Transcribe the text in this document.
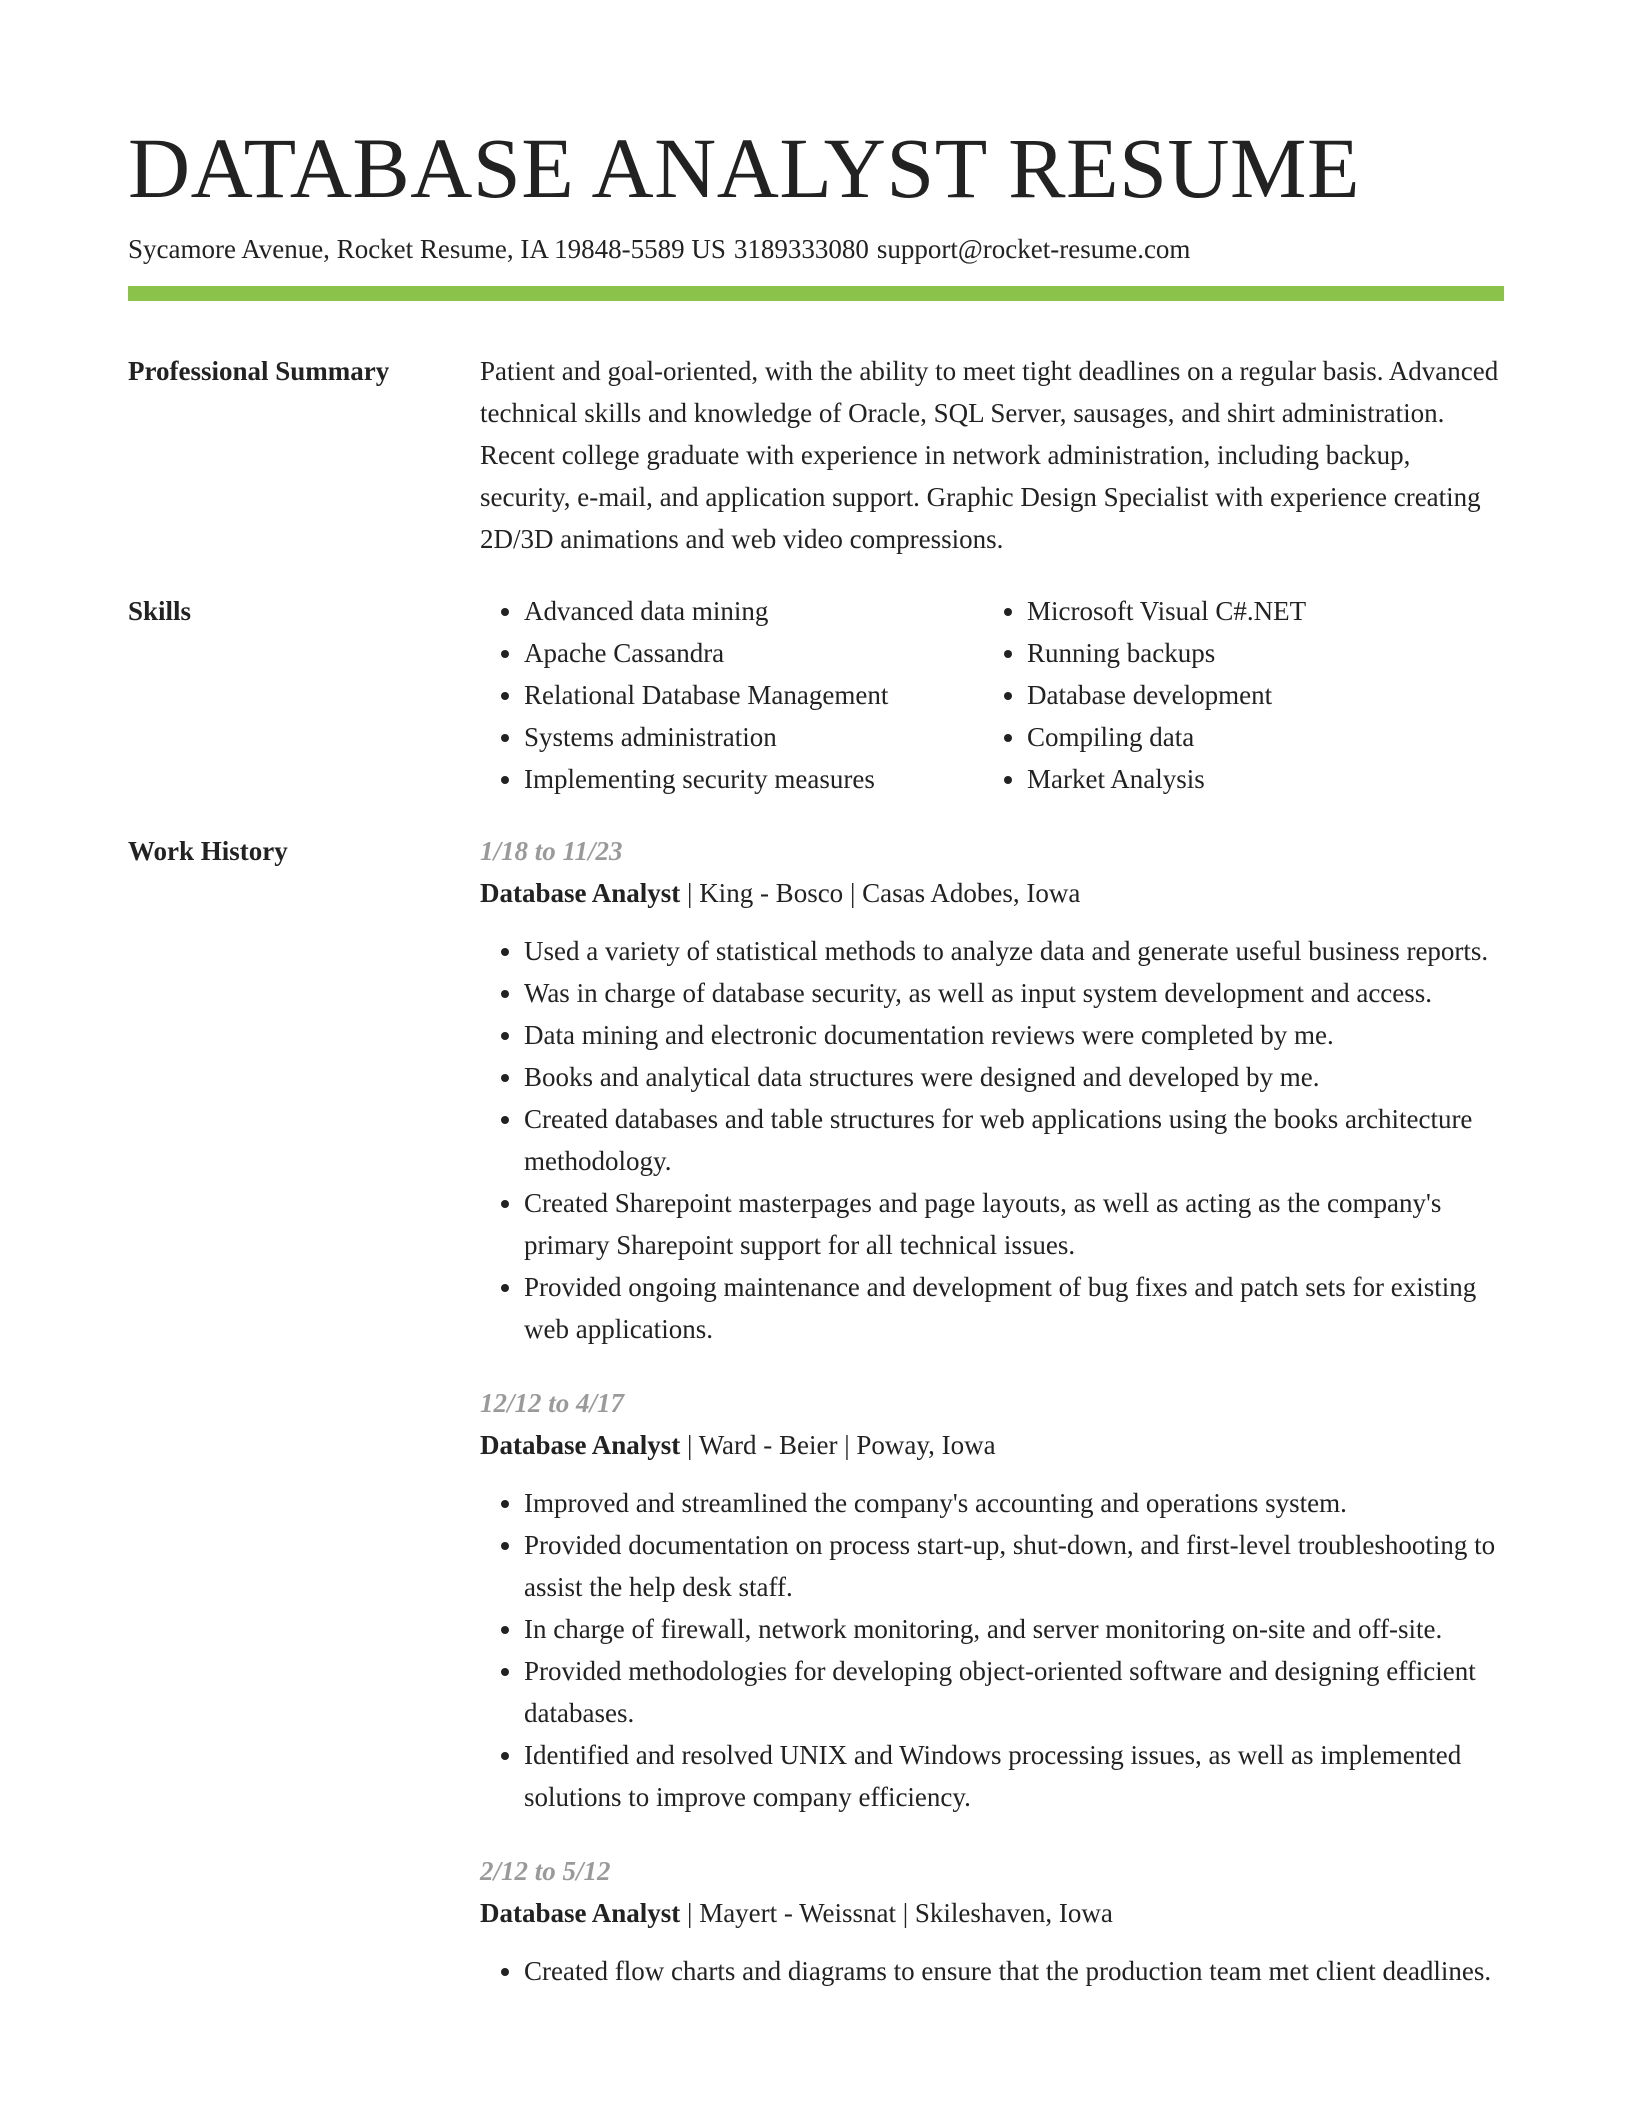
DATABASE ANALYST RESUME
Sycamore Avenue, Rocket Resume, IA 19848-5589 US 3189333080 support@rocket-resume.com
Professional Summary	Patient and goal-oriented, with the ability to meet tight deadlines on a regular basis. Advanced technical skills and knowledge of Oracle, SQL Server, sausages, and shirt administration. Recent college graduate with experience in network administration, including backup, security, e-mail, and application support. Graphic Design Specialist with experience creating 2D/3D animations and web video compressions.

Skills
•	Advanced data mining
• Apache Cassandra
• Relational Database Management
• Systems administration
• Implementing security measures
• Microsoft Visual C#.NET
• Running backups
• Database development
• Compiling data
• Market Analysis
Work History	1/18 to 11/23
Database Analyst | King - Bosco | Casas Adobes, Iowa
• Used a variety of statistical methods to analyze data and generate useful business reports.
• Was in charge of database security, as well as input system development and access.
• Data mining and electronic documentation reviews were completed by me.
• Books and analytical data structures were designed and developed by me.
• Created databases and table structures for web applications using the books architecture methodology.
• Created Sharepoint masterpages and page layouts, as well as acting as the company's primary Sharepoint support for all technical issues.
• Provided ongoing maintenance and development of bug fixes and patch sets for existing web applications.
12/12 to 4/17
Database Analyst | Ward - Beier | Poway, Iowa
• Improved and streamlined the company's accounting and operations system.
• Provided documentation on process start-up, shut-down, and first-level troubleshooting to assist the help desk staff.
• In charge of firewall, network monitoring, and server monitoring on-site and off-site.
• Provided methodologies for developing object-oriented software and designing efficient databases.
• Identified and resolved UNIX and Windows processing issues, as well as implemented solutions to improve company efficiency.
2/12 to 5/12
Database Analyst | Mayert - Weissnat | Skileshaven, Iowa
• Created flow charts and diagrams to ensure that the production team met client deadlines.
